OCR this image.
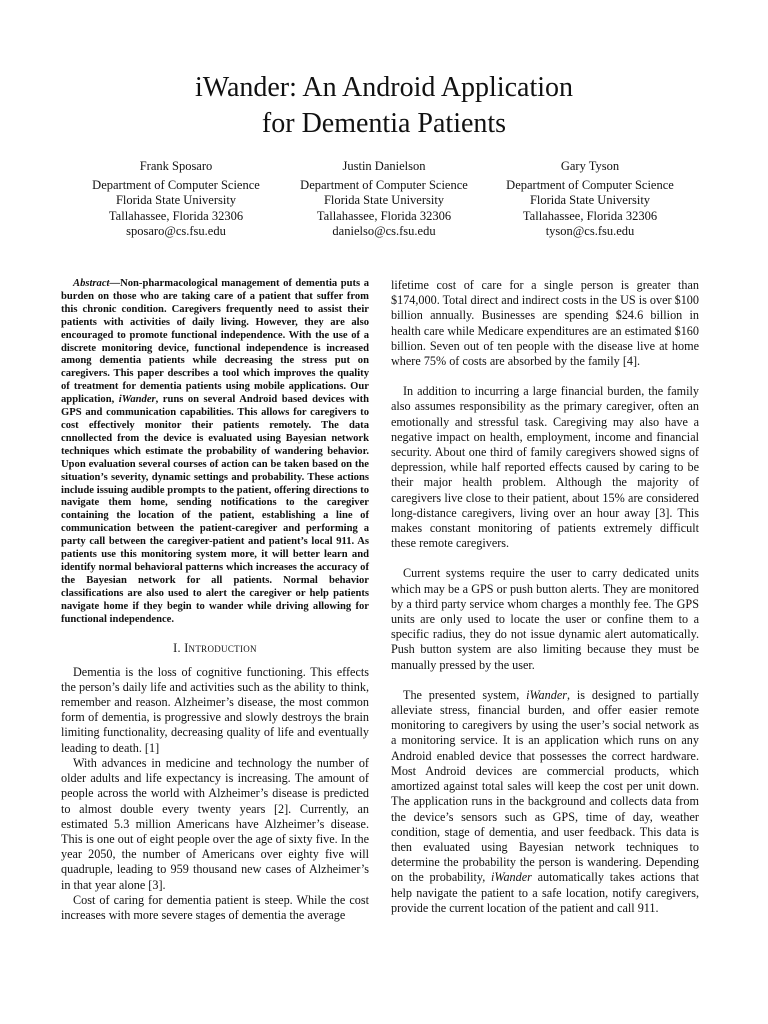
iWander: An Android Application
for Dementia Patients
Frank Sposaro
Department of Computer Science
Florida State University
Tallahassee, Florida 32306
sposaro@cs.fsu.edu
Justin Danielson
Department of Computer Science
Florida State University
Tallahassee, Florida 32306
danielso@cs.fsu.edu
Gary Tyson
Department of Computer Science
Florida State University
Tallahassee, Florida 32306
tyson@cs.fsu.edu

Abstract—Non-pharmacological management of dementia puts a burden on those who are taking care of a patient that suffer from this chronic condition. Caregivers frequently need to assist their patients with activities of daily living. However, they are also encouraged to promote functional independence. With the use of a discrete monitoring device, functional independence is increased among dementia patients while decreasing the stress put on caregivers. This paper describes a tool which improves the quality of treatment for dementia patients using mobile applications. Our application, iWander, runs on several Android based devices with GPS and communication capabilities. This allows for caregivers to cost effectively monitor their patients remotely. The data cnnollected from the device is evaluated using Bayesian network techniques which estimate the probability of wandering behavior. Upon evaluation several courses of action can be taken based on the situation’s severity, dynamic settings and probability. These actions include issuing audible prompts to the patient, offering directions to navigate them home, sending notifications to the caregiver containing the location of the patient, establishing a line of communication between the patient-caregiver and performing a party call between the caregiver-patient and patient’s local 911. As patients use this monitoring system more, it will better learn and identify normal behavioral patterns which increases the accuracy of the Bayesian network for all patients. Normal behavior classifications are also used to alert the caregiver or help patients navigate home if they begin to wander while driving allowing for functional independence.

I. Introduction

Dementia is the loss of cognitive functioning. This effects the person’s daily life and activities such as the ability to think, remember and reason. Alzheimer’s disease, the most common form of dementia, is progressive and slowly destroys the brain limiting functionality, decreasing quality of life and eventually leading to death. [1]

With advances in medicine and technology the number of older adults and life expectancy is increasing. The amount of people across the world with Alzheimer’s disease is predicted to almost double every twenty years [2]. Currently, an estimated 5.3 million Americans have Alzheimer’s disease. This is one out of eight people over the age of sixty five. In the year 2050, the number of Americans over eighty five will quadruple, leading to 959 thousand new cases of Alzheimer’s in that year alone [3].

Cost of caring for dementia patient is steep. While the cost increases with more severe stages of dementia the average

lifetime cost of care for a single person is greater than $174,000. Total direct and indirect costs in the US is over $100 billion annually. Businesses are spending $24.6 billion in health care while Medicare expenditures are an estimated $160 billion. Seven out of ten people with the disease live at home where 75% of costs are absorbed by the family [4].

In addition to incurring a large financial burden, the family also assumes responsibility as the primary caregiver, often an emotionally and stressful task. Caregiving may also have a negative impact on health, employment, income and financial security. About one third of family caregivers showed signs of depression, while half reported effects caused by caring to be their major health problem. Although the majority of caregivers live close to their patient, about 15% are considered long-distance caregivers, living over an hour away [3]. This makes constant monitoring of patients extremely difficult these remote caregivers.

Current systems require the user to carry dedicated units which may be a GPS or push button alerts. They are monitored by a third party service whom charges a monthly fee. The GPS units are only used to locate the user or confine them to a specific radius, they do not issue dynamic alert automatically. Push button system are also limiting because they must be manually pressed by the user.

The presented system, iWander, is designed to partially alleviate stress, financial burden, and offer easier remote monitoring to caregivers by using the user’s social network as a monitoring service. It is an application which runs on any Android enabled device that possesses the correct hardware. Most Android devices are commercial products, which amortized against total sales will keep the cost per unit down. The application runs in the background and collects data from the device’s sensors such as GPS, time of day, weather condition, stage of dementia, and user feedback. This data is then evaluated using Bayesian network techniques to determine the probability the person is wandering. Depending on the probability, iWander automatically takes actions that help navigate the patient to a safe location, notify caregivers, provide the current location of the patient and call 911.
